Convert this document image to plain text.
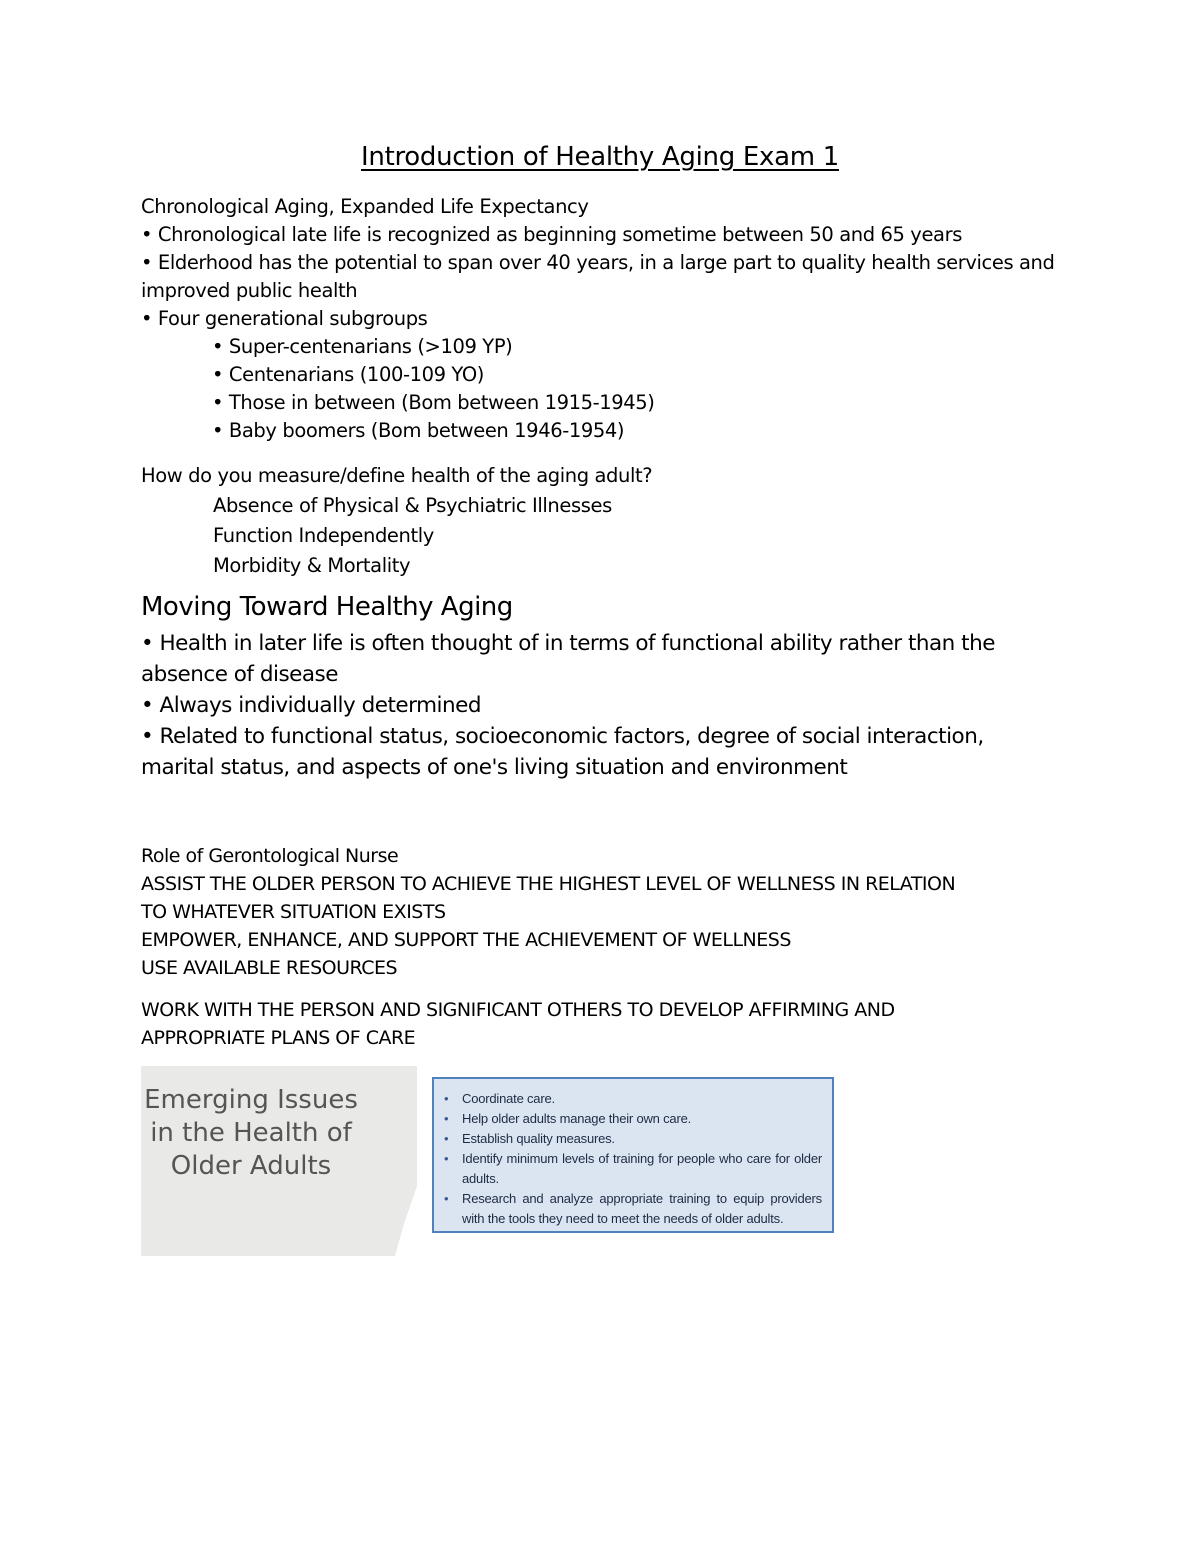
Introduction of Healthy Aging Exam 1
Chronological Aging, Expanded Life Expectancy
• Chronological late life is recognized as beginning sometime between 50 and 65 years
• Elderhood has the potential to span over 40 years, in a large part to quality health services and
improved public health
• Four generational subgroups
• Super-centenarians (>109 YP)
• Centenarians (100-109 YO)
• Those in between (Bom between 1915-1945)
• Baby boomers (Bom between 1946-1954)
How do you measure/define health of the aging adult?
Absence of Physical & Psychiatric Illnesses
Function Independently
Morbidity & Mortality
Moving Toward Healthy Aging

• Health in later life is often thought of in terms of functional ability rather than the

absence of disease

• Always individually determined

• Related to functional status, socioeconomic factors, degree of social interaction,

marital status, and aspects of one's living situation and environment

Role of Gerontological Nurse

ASSIST THE OLDER PERSON TO ACHIEVE THE HIGHEST LEVEL OF WELLNESS IN RELATION

TO WHATEVER SITUATION EXISTS

EMPOWER, ENHANCE, AND SUPPORT THE ACHIEVEMENT OF WELLNESS

USE AVAILABLE RESOURCES

WORK WITH THE PERSON AND SIGNIFICANT OTHERS TO DEVELOP AFFIRMING AND

APPROPRIATE PLANS OF CARE

Emerging Issues
in the Health of
Older Adults
• Coordinate care.
• Help older adults manage their own care.
• Establish quality measures.
• Identify minimum levels of training for people who care for older adults.
• Research and analyze appropriate training to equip providers with the tools they need to meet the needs of older adults.
